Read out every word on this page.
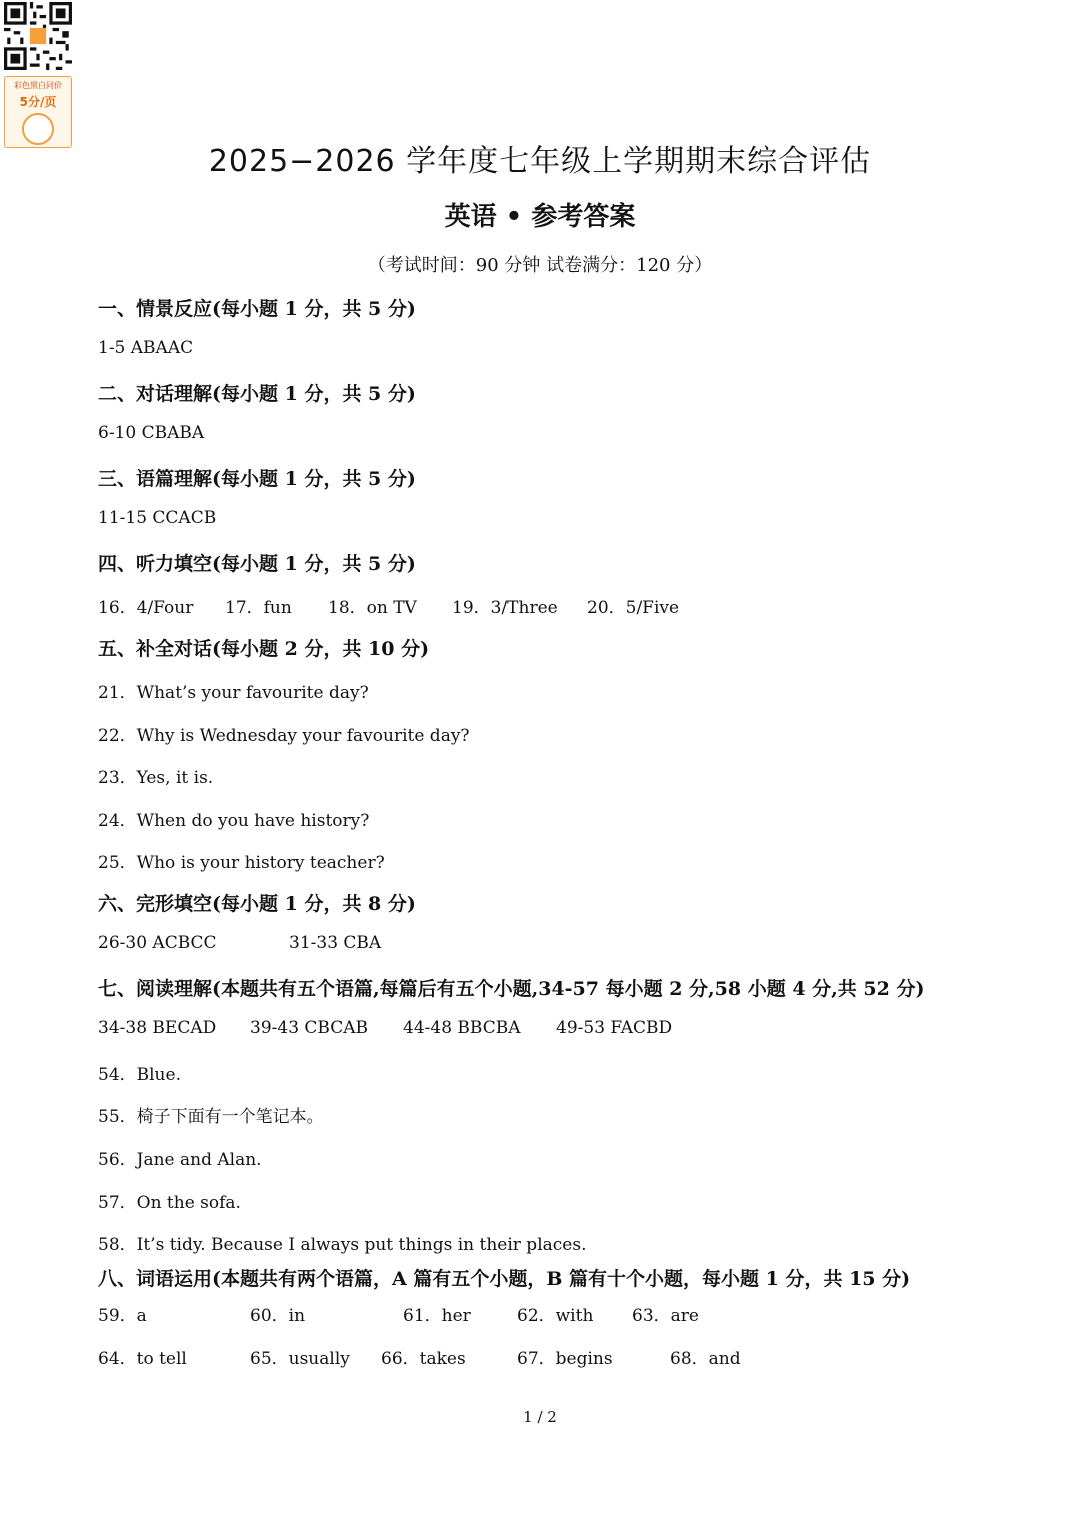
彩色黑白同价
5分/页
2025−2026 学年度七年级上学期期末综合评估
英语 • 参考答案
（考试时间：90 分钟 试卷满分：120 分）
一、情景反应(每小题 1 分，共 5 分)
1-5 ABAAC
二、对话理解(每小题 1 分，共 5 分)
6-10 CBABA
三、语篇理解(每小题 1 分，共 5 分)
11-15 CCACB
四、听力填空(每小题 1 分，共 5 分)
16．4/Four 17．fun 18．on TV 19．3/Three 20．5/Five
五、补全对话(每小题 2 分，共 10 分)
21．What’s your favourite day?
22．Why is Wednesday your favourite day?
23．Yes, it is.
24．When do you have history?
25．Who is your history teacher?
六、完形填空(每小题 1 分，共 8 分)
26-30 ACBCC	31-33 CBA
七、阅读理解(本题共有五个语篇,每篇后有五个小题,34-57 每小题 2 分,58 小题 4 分,共 52 分)
34-38 BECAD 39-43 CBCAB 44-48 BBCBA 49-53 FACBD
54．Blue.
55．椅子下面有一个笔记本。
56．Jane and Alan.
57．On the sofa.
58．It’s tidy. Because I always put things in their places.
八、词语运用(本题共有两个语篇，A 篇有五个小题，B 篇有十个小题，每小题 1 分，共 15 分)
59．a	60．in	61．her	62．with 63．are
64．to tell	65．usually 66．takes	67．begins	68．and
1 / 2
